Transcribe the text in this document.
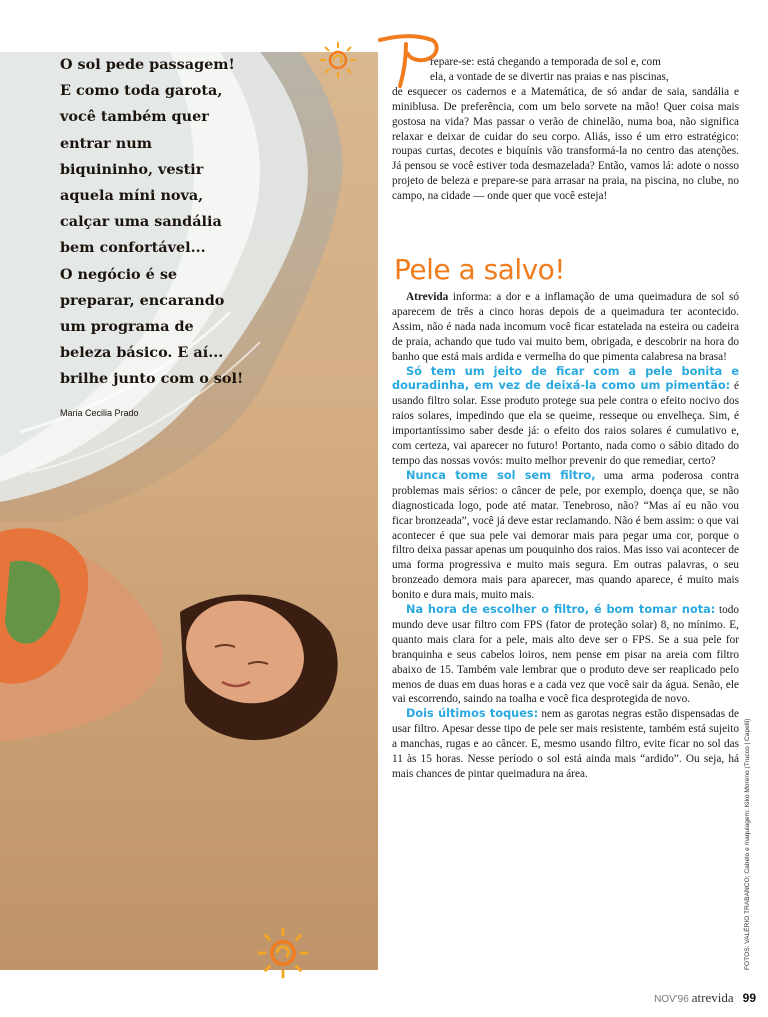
O sol pede passagem!
E como toda garota,
você também quer
entrar num
biquininho, vestir
aquela míni nova,
calçar uma sandália
bem confortável...
O negócio é se
preparar, encarando
um programa de
beleza básico. E aí...
brilhe junto com o sol!

Maria Cecilia Prado

P
repare-se: está chegando a temporada de sol e, com
ela, a vontade de se divertir nas praias e nas piscinas,
de esquecer os cadernos e a Matemática, de só andar de saia, sandália e miniblusa. De preferência, com um belo sorvete na mão! Quer coisa mais gostosa na vida? Mas passar o verão de chinelão, numa boa, não significa relaxar e deixar de cuidar do seu corpo. Aliás, isso é um erro estratégico: roupas curtas, decotes e biquínis vão transformá-la no centro das atenções. Já pensou se você estiver toda desmazelada? Então, vamos lá: adote o nosso projeto de beleza e prepare-se para arrasar na praia, na piscina, no clube, no campo, na cidade — onde quer que você esteja!
Pele a salvo!

Atrevida informa: a dor e a inflamação de uma queimadura de sol só aparecem de três a cinco horas depois de a queimadura ter acontecido. Assim, não é nada nada incomum você ficar estatelada na esteira ou cadeira de praia, achando que tudo vai muito bem, obrigada, e descobrir na hora do banho que está mais ardida e vermelha do que pimenta calabresa na brasa!

Só tem um jeito de ficar com a pele bonita e douradinha, em vez de deixá-la como um pimentão: é usando filtro solar. Esse produto protege sua pele contra o efeito nocivo dos raios solares, impedindo que ela se queime, resseque ou envelheça. Sim, é importantíssimo saber desde já: o efeito dos raios solares é cumulativo e, com certeza, vai aparecer no futuro! Portanto, nada como o sábio ditado do tempo das nossas vovós: muito melhor prevenir do que remediar, certo?

Nunca tome sol sem filtro, uma arma poderosa contra problemas mais sérios: o câncer de pele, por exemplo, doença que, se não diagnosticada logo, pode até matar. Tenebroso, não? “Mas aí eu não vou ficar bronzeada”, você já deve estar reclamando. Não é bem assim: o que vai acontecer é que sua pele vai demorar mais para pegar uma cor, porque o filtro deixa passar apenas um pouquinho dos raios. Mas isso vai acontecer de uma forma progressiva e muito mais segura. Em outras palavras, o seu bronzeado demora mais para aparecer, mas quando aparece, é muito mais bonito e dura mais, muito mais.

Na hora de escolher o filtro, é bom tomar nota: todo mundo deve usar filtro com FPS (fator de proteção solar) 8, no mínimo. E, quanto mais clara for a pele, mais alto deve ser o FPS. Se a sua pele for branquinha e seus cabelos loiros, nem pense em pisar na areia com filtro abaixo de 15. Também vale lembrar que o produto deve ser reaplicado pelo menos de duas em duas horas e a cada vez que você sair da água. Senão, ele vai escorrendo, saindo na toalha e você fica desprotegida de novo.

Dois últimos toques: nem as garotas negras estão dispensadas de usar filtro. Apesar desse tipo de pele ser mais resistente, também está sujeito a manchas, rugas e ao câncer. E, mesmo usando filtro, evite ficar no sol das 11 às 15 horas. Nesse período o sol está ainda mais “ardido”. Ou seja, há mais chances de pintar queimadura na área.	FOTOS: VALÉRIO TRABANCO; Cabelo e maquiagem: Kiko Moreno (Trucco | Capelli)

NOV'96 atrevida 99
